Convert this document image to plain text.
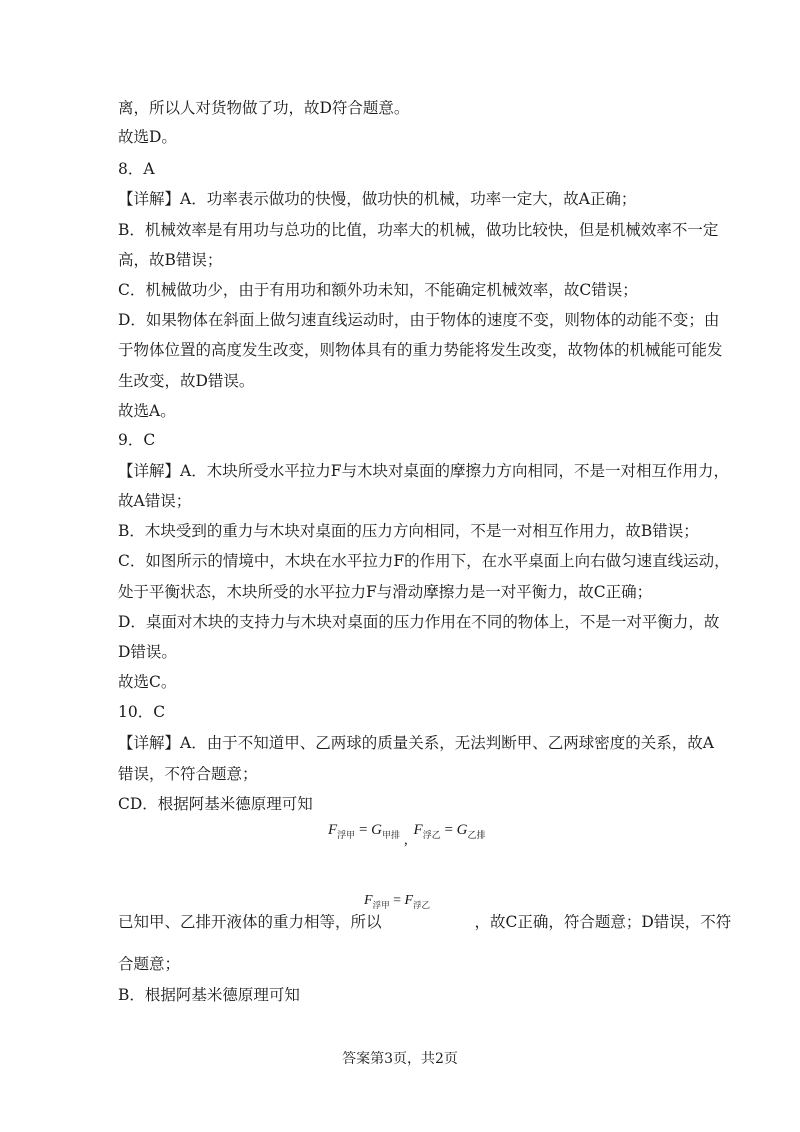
离，所以人对货物做了功，故D符合题意。
故选D。
8．A
【详解】A．功率表示做功的快慢，做功快的机械，功率一定大，故A正确；
B．机械效率是有用功与总功的比值，功率大的机械，做功比较快，但是机械效率不一定
高，故B错误；
C．机械做功少，由于有用功和额外功未知，不能确定机械效率，故C错误；
D．如果物体在斜面上做匀速直线运动时，由于物体的速度不变，则物体的动能不变；由
于物体位置的高度发生改变，则物体具有的重力势能将发生改变，故物体的机械能可能发
生改变，故D错误。
故选A。
9．C
【详解】A．木块所受水平拉力F与木块对桌面的摩擦力方向相同，不是一对相互作用力，
故A错误；
B．木块受到的重力与木块对桌面的压力方向相同，不是一对相互作用力，故B错误；
C．如图所示的情境中，木块在水平拉力F的作用下，在水平桌面上向右做匀速直线运动，
处于平衡状态，木块所受的水平拉力F与滑动摩擦力是一对平衡力，故C正确；
D．桌面对木块的支持力与木块对桌面的压力作用在不同的物体上，不是一对平衡力，故
D错误。
故选C。
10．C
【详解】A．由于不知道甲、乙两球的质量关系，无法判断甲、乙两球密度的关系，故A
错误，不符合题意；
CD．根据阿基米德原理可知
$F_{浮甲} = G_{甲排}$ , $F_{浮乙} = G_{乙排}$
已知甲、乙排开液体的重力相等，所以　　　　　　，故C正确，符合题意；D错误，不符
$F_{浮甲} = F_{浮乙}$
合题意；
B．根据阿基米德原理可知
答案第3页，共2页
